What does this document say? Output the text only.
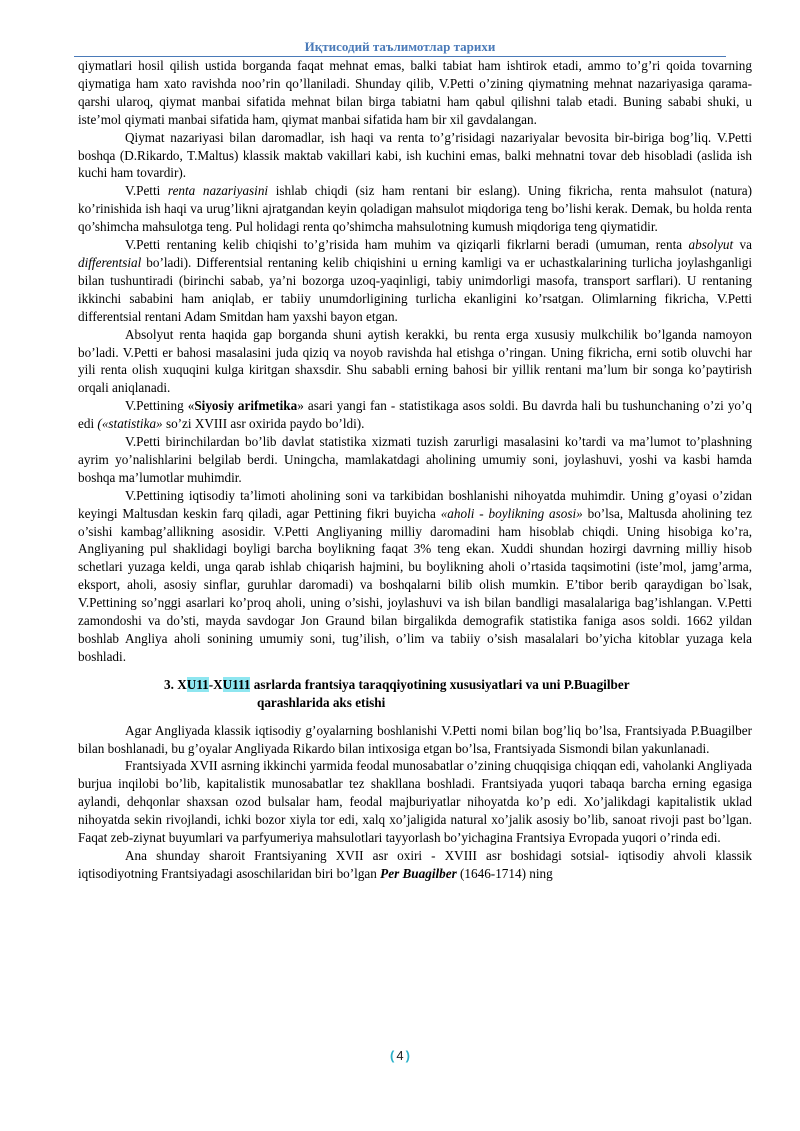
Иқтисодий таълимотлар тарихи

qiymatlari hosil qilish ustida borganda faqat mehnat emas, balki tabiat ham ishtirok etadi, ammo to’g’ri qoida tovarning qiymatiga ham xato ravishda noo’rin qo’llaniladi. Shunday qilib, V.Petti o’zining qiymatning mehnat nazariyasiga qarama-qarshi ularoq, qiymat manbai sifatida mehnat bilan birga tabiatni ham qabul qilishni talab etadi. Buning sababi shuki, u iste’mol qiymati manbai sifatida ham, qiymat manbai sifatida ham bir xil gavdalangan.

Qiymat nazariyasi bilan daromadlar, ish haqi va renta to’g’risidagi nazariyalar bevosita bir-biriga bog’liq. V.Petti boshqa (D.Rikardo, T.Maltus) klassik maktab vakillari kabi, ish kuchini emas, balki mehnatni tovar deb hisobladi (aslida ish kuchi ham tovardir).

V.Petti renta nazariyasini ishlab chiqdi (siz ham rentani bir eslang). Uning fikricha, renta mahsulot (natura) ko’rinishida ish haqi va urug’likni ajratgandan keyin qoladigan mahsulot miqdoriga teng bo’lishi kerak. Demak, bu holda renta qo’shimcha mahsulotga teng. Pul holidagi renta qo’shimcha mahsulotning kumush miqdoriga teng qiymatidir.

V.Petti rentaning kelib chiqishi to’g’risida ham muhim va qiziqarli fikrlarni beradi (umuman, renta absolyut va differentsial bo’ladi). Differentsial rentaning kelib chiqishini u erning kamligi va er uchastkalarining turlicha joylashganligi bilan tushuntiradi (birinchi sabab, ya’ni bozorga uzoq-yaqinligi, tabiy unimdorligi masofa, transport sarflari). U rentaning ikkinchi sababini ham aniqlab, er tabiiy unumdorligining turlicha ekanligini ko’rsatgan. Olimlarning fikricha, V.Petti differentsial rentani Adam Smitdan ham yaxshi bayon etgan.

Absolyut renta haqida gap borganda shuni aytish kerakki, bu renta erga xususiy mulkchilik bo’lganda namoyon bo’ladi. V.Petti er bahosi masalasini juda qiziq va noyob ravishda hal etishga o’ringan. Uning fikricha, erni sotib oluvchi har yili renta olish xuquqini kulga kiritgan shaxsdir. Shu sababli erning bahosi bir yillik rentani ma’lum bir songa ko’paytirish orqali aniqlanadi.

V.Pettining «Siyosiy arifmetika» asari yangi fan - statistikaga asos soldi. Bu davrda hali bu tushunchaning o’zi yo’q edi («statistika» so’zi XVIII asr oxirida paydo bo’ldi).

V.Petti birinchilardan bo’lib davlat statistika xizmati tuzish zarurligi masalasini ko’tardi va ma’lumot to’plashning ayrim yo’nalishlarini belgilab berdi. Uningcha, mamlakatdagi aholining umumiy soni, joylashuvi, yoshi va kasbi hamda boshqa ma’lumotlar muhimdir.

V.Pettining iqtisodiy ta’limoti aholining soni va tarkibidan boshlanishi nihoyatda muhimdir. Uning g’oyasi o’zidan keyingi Maltusdan keskin farq qiladi, agar Pettining fikri buyicha «aholi - boylikning asosi» bo’lsa, Maltusda aholining tez o’sishi kambag’allikning asosidir. V.Petti Angliyaning milliy daromadini ham hisoblab chiqdi. Uning hisobiga ko’ra, Angliyaning pul shaklidagi boyligi barcha boylikning faqat 3% teng ekan. Xuddi shundan hozirgi davrning milliy hisob schetlari yuzaga keldi, unga qarab ishlab chiqarish hajmini, bu boylikning aholi o’rtasida taqsimotini (iste’mol, jamg’arma, eksport, aholi, asosiy sinflar, guruhlar daromadi) va boshqalarni bilib olish mumkin. E’tibor berib qaraydigan bo`lsak, V.Pettining so’nggi asarlari ko’proq aholi, uning o’sishi, joylashuvi va ish bilan bandligi masalalariga bag’ishlangan. V.Petti zamondoshi va do’sti, mayda savdogar Jon Graund bilan birgalikda demografik statistika faniga asos soldi. 1662 yildan boshlab Angliya aholi sonining umumiy soni, tug’ilish, o’lim va tabiiy o’sish masalalari bo’yicha kitoblar yuzaga kela boshladi.

3. XU11-XU111 asrlarda frantsiya taraqqiyotining xususiyatlari va uni P.Buagilber
qarashlarida aks etishi

Agar Angliyada klassik iqtisodiy g’oyalarning boshlanishi V.Petti nomi bilan bog’liq bo’lsa, Frantsiyada P.Buagilber bilan boshlanadi, bu g’oyalar Angliyada Rikardo bilan intixosiga etgan bo’lsa, Frantsiyada Sismondi bilan yakunlanadi.

Frantsiyada XVII asrning ikkinchi yarmida feodal munosabatlar o’zining chuqqisiga chiqqan edi, vaholanki Angliyada burjua inqilobi bo’lib, kapitalistik munosabatlar tez shakllana boshladi. Frantsiyada yuqori tabaqa barcha erning egasiga aylandi, dehqonlar shaxsan ozod bulsalar ham, feodal majburiyatlar nihoyatda ko’p edi. Xo’jalikdagi kapitalistik uklad nihoyatda sekin rivojlandi, ichki bozor xiyla tor edi, xalq xo’jaligida natural xo’jalik asosiy bo’lib, sanoat rivoji past bo’lgan. Faqat zeb-ziynat buyumlari va parfyumeriya mahsulotlari tayyorlash bo’yichagina Frantsiya Evropada yuqori o’rinda edi.

Ana shunday sharoit Frantsiyaning XVII asr oxiri - XVIII asr boshidagi sotsial- iqtisodiy ahvoli klassik iqtisodiyotning Frantsiyadagi asoschilaridan biri bo’lgan Per Buagilber (1646-1714) ning

( 4 )
